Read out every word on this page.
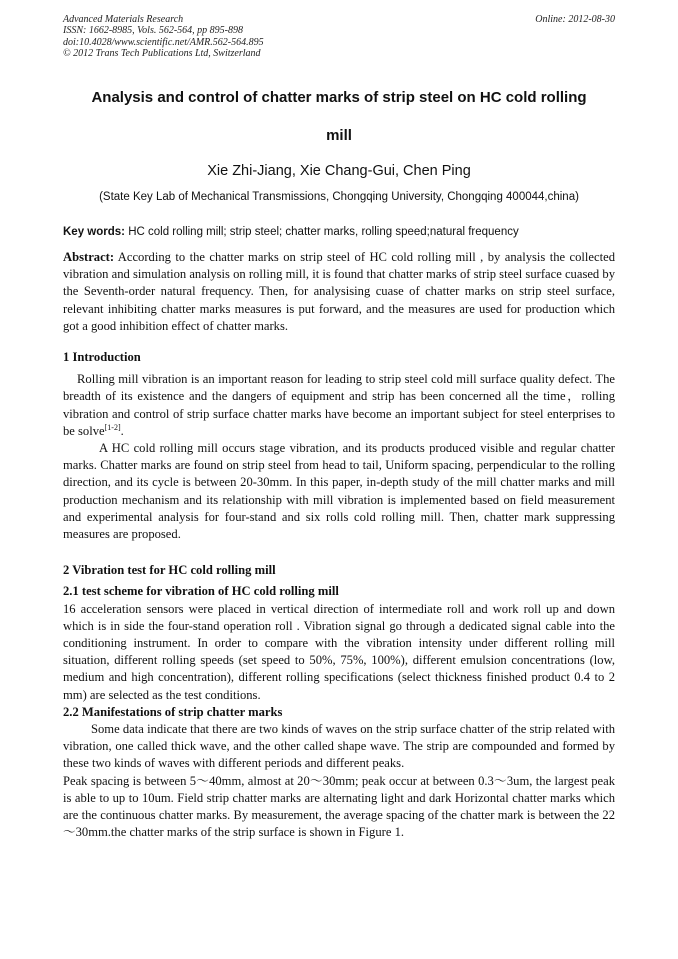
Advanced Materials Research
ISSN: 1662-8985, Vols. 562-564, pp 895-898
doi:10.4028/www.scientific.net/AMR.562-564.895
© 2012 Trans Tech Publications Ltd, Switzerland
Online: 2012-08-30
Analysis and control of chatter marks of strip steel on HC cold rolling
mill
Xie Zhi-Jiang, Xie Chang-Gui, Chen Ping
(State Key Lab of Mechanical Transmissions, Chongqing University, Chongqing 400044,china)
Key words: HC cold rolling mill; strip steel; chatter marks, rolling speed;natural frequency

Abstract: According to the chatter marks on strip steel of HC cold rolling mill , by analysis the collected vibration and simulation analysis on rolling mill, it is found that chatter marks of strip steel surface cuased by the Seventh-order natural frequency. Then, for analysising cuase of chatter marks on strip steel surface, relevant inhibiting chatter marks measures is put forward, and the measures are used for production which got a good inhibition effect of chatter marks.

1 Introduction

Rolling mill vibration is an important reason for leading to strip steel cold mill surface quality defect. The breadth of its existence and the dangers of equipment and strip has been concerned all the time，rolling vibration and control of strip surface chatter marks have become an important subject for steel enterprises to be solve[1-2].

A HC cold rolling mill occurs stage vibration, and its products produced visible and regular chatter marks. Chatter marks are found on strip steel from head to tail, Uniform spacing, perpendicular to the rolling direction, and its cycle is between 20-30mm. In this paper, in-depth study of the mill chatter marks and mill production mechanism and its relationship with mill vibration is implemented based on field measurement and experimental analysis for four-stand and six rolls cold rolling mill. Then, chatter mark suppressing measures are proposed.

2 Vibration test for HC cold rolling mill
2.1 test scheme for vibration of HC cold rolling mill

16 acceleration sensors were placed in vertical direction of intermediate roll and work roll up and down which is in side the four-stand operation roll . Vibration signal go through a dedicated signal cable into the conditioning instrument. In order to compare with the vibration intensity under different rolling mill situation, different rolling speeds (set speed to 50%, 75%, 100%), different emulsion concentrations (low, medium and high concentration), different rolling specifications (select thickness finished product 0.4 to 2 mm) are selected as the test conditions.

2.2 Manifestations of strip chatter marks

Some data indicate that there are two kinds of waves on the strip surface chatter of the strip related with vibration, one called thick wave, and the other called shape wave. The strip are compounded and formed by these two kinds of waves with different periods and different peaks.

Peak spacing is between 5～40mm, almost at 20～30mm; peak occur at between 0.3～3um, the largest peak is able to up to 10um. Field strip chatter marks are alternating light and dark Horizontal chatter marks which are the continuous chatter marks. By measurement, the average spacing of the chatter mark is between the 22～30mm.the chatter marks of the strip surface is shown in Figure 1.
